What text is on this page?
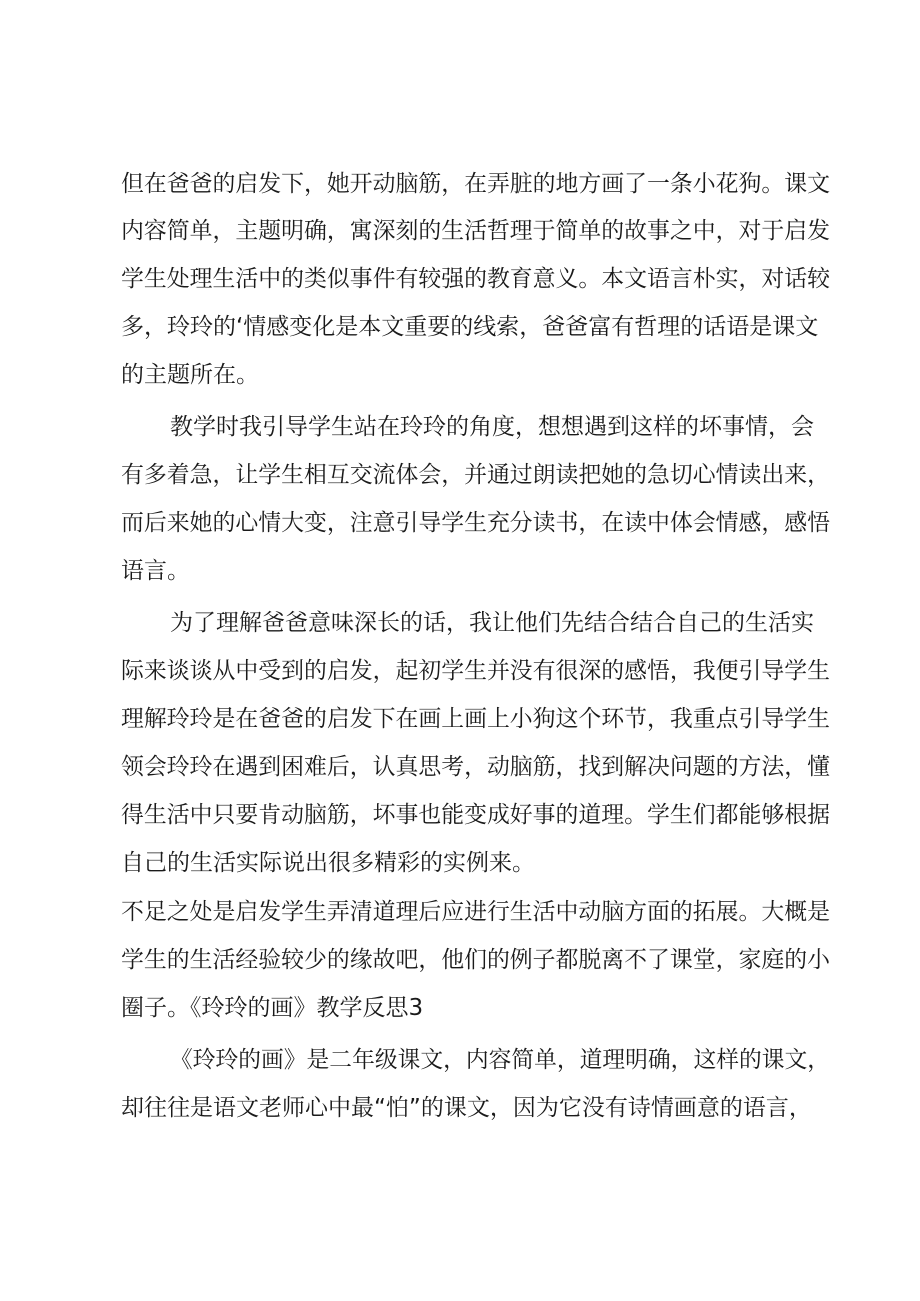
但在爸爸的启发下，她开动脑筋，在弄脏的地方画了一条小花狗。课文
内容简单，主题明确，寓深刻的生活哲理于简单的故事之中，对于启发
学生处理生活中的类似事件有较强的教育意义。本文语言朴实，对话较
多，玲玲的‘情感变化是本文重要的线索，爸爸富有哲理的话语是课文
的主题所在。
教学时我引导学生站在玲玲的角度，想想遇到这样的坏事情，会
有多着急，让学生相互交流体会，并通过朗读把她的急切心情读出来，
而后来她的心情大变，注意引导学生充分读书，在读中体会情感，感悟
语言。
为了理解爸爸意味深长的话，我让他们先结合结合自己的生活实
际来谈谈从中受到的启发，起初学生并没有很深的感悟，我便引导学生
理解玲玲是在爸爸的启发下在画上画上小狗这个环节，我重点引导学生
领会玲玲在遇到困难后，认真思考，动脑筋，找到解决问题的方法，懂
得生活中只要肯动脑筋，坏事也能变成好事的道理。学生们都能够根据
自己的生活实际说出很多精彩的实例来。
不足之处是启发学生弄清道理后应进行生活中动脑方面的拓展。大概是
学生的生活经验较少的缘故吧，他们的例子都脱离不了课堂，家庭的小
圈子。《玲玲的画》教学反思3
《玲玲的画》是二年级课文，内容简单，道理明确，这样的课文，
却往往是语文老师心中最“怕”的课文，因为它没有诗情画意的语言，
